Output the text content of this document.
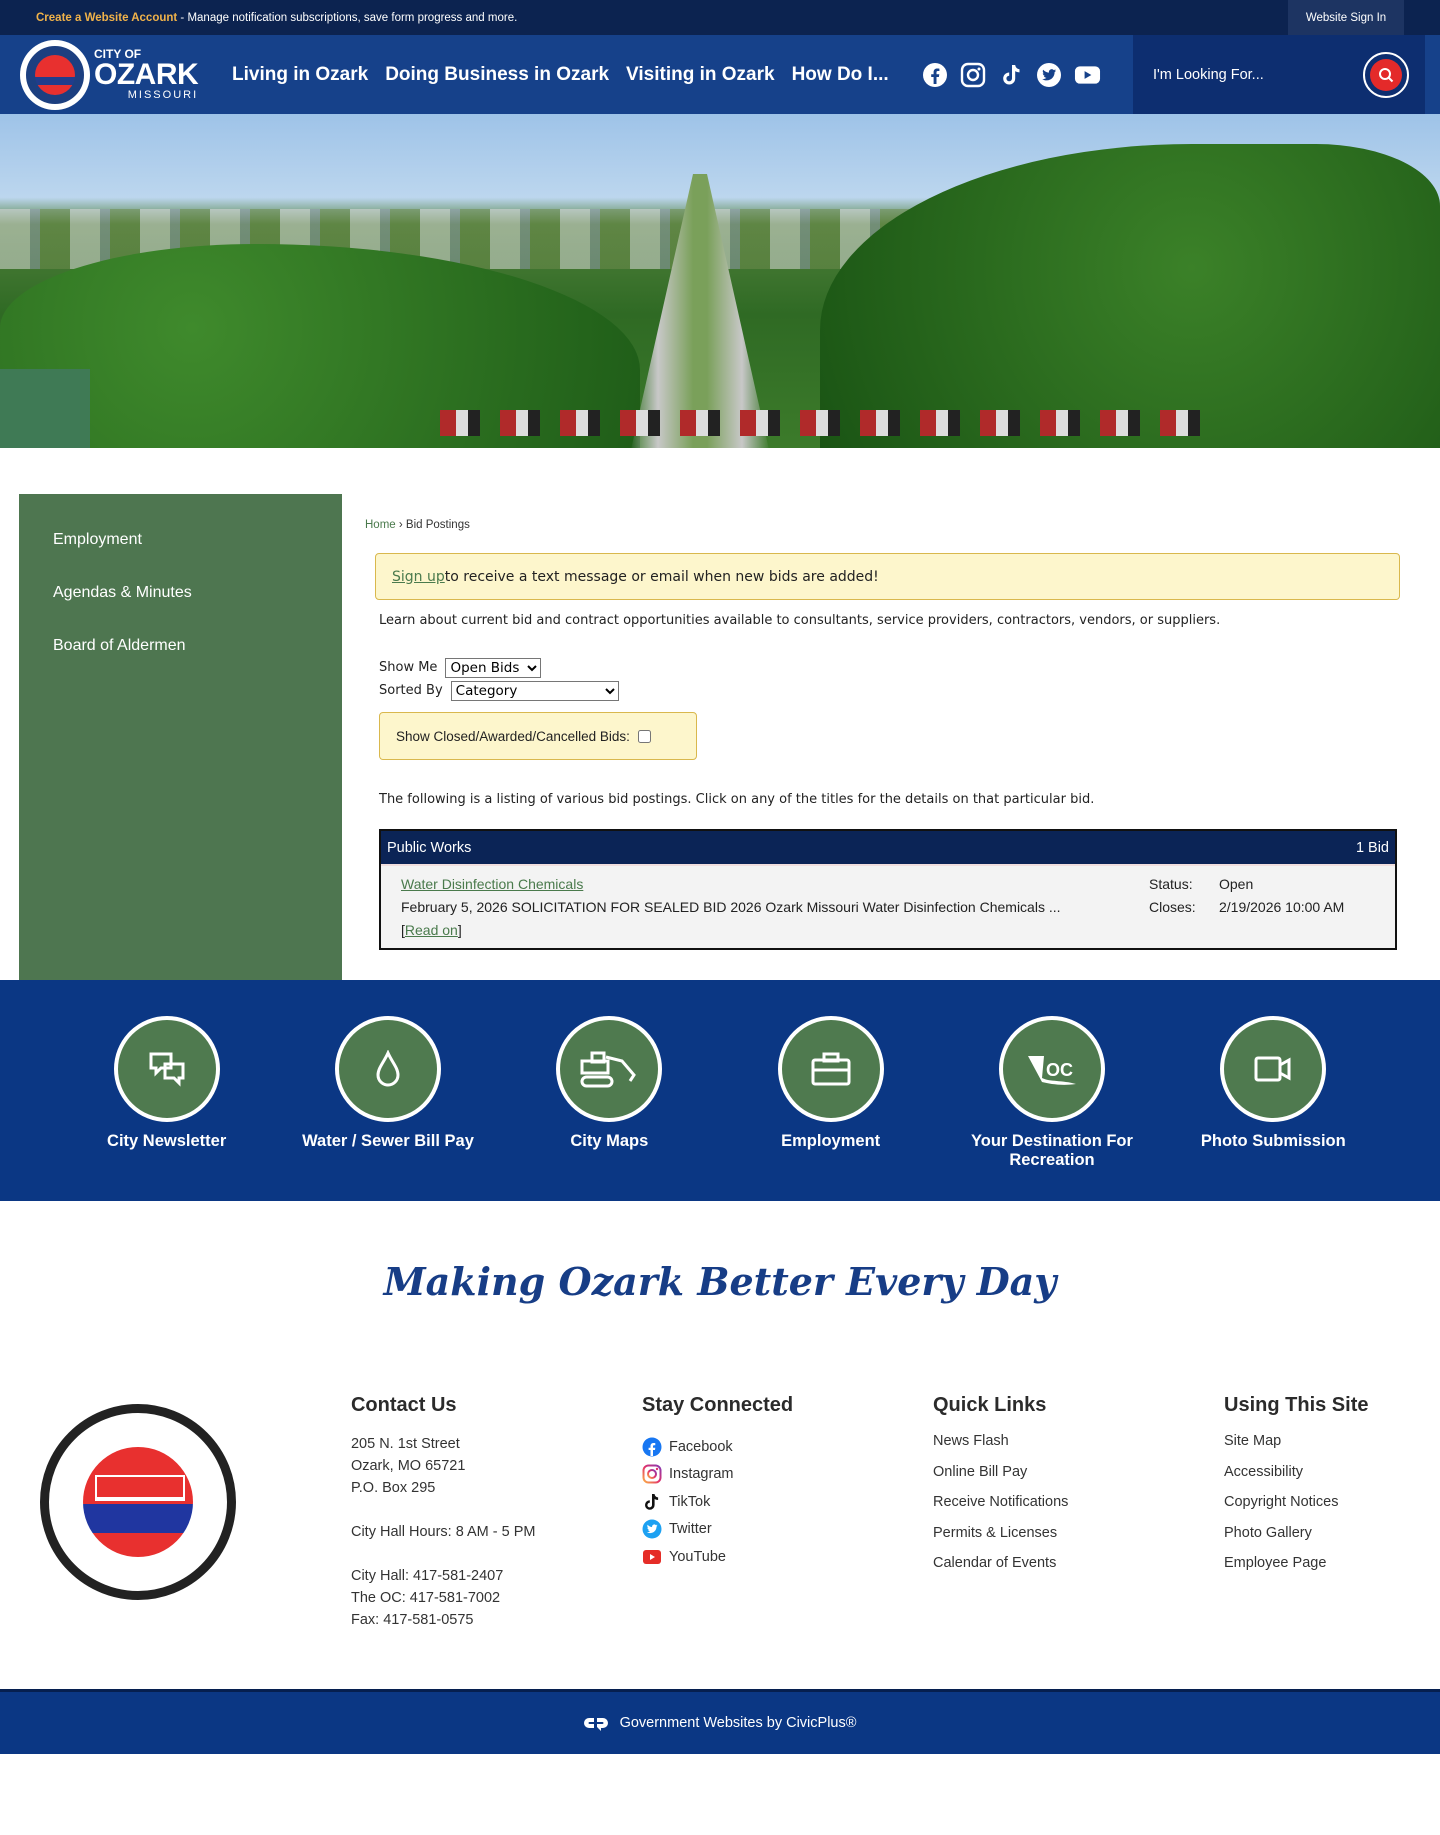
Create a Website Account - Manage notification subscriptions, save form progress and more.	Website Sign In
CITY OF
OZARK
MISSOURI
Living in Ozark Doing Business in Ozark Visiting in Ozark How Do I...
I'm Looking For...
Employment
Agendas & Minutes
Board of Aldermen
Home › Bid Postings
Sign up to receive a text message or email when new bids are added!

Learn about current bid and contract opportunities available to consultants, service providers, contractors, vendors, or suppliers.

Show Me
Open Bids
Sorted By
Category
Show Closed/Awarded/Cancelled Bids:

The following is a listing of various bid postings. Click on any of the titles for the details on that particular bid.

Public Works	1 Bid
Water Disinfection Chemicals
February 5, 2026 SOLICITATION FOR SEALED BID 2026 Ozark Missouri Water Disinfection Chemicals ...
[Read on]
Status:	Open
Closes:	2/19/2026 10:00 AM
City Newsletter	Water / Sewer Bill Pay	City Maps	Employment
OC
Your Destination For Recreation
Photo Submission
Making Ozark Better Every Day
Contact Us

205 N. 1st Street

Ozark, MO 65721

P.O. Box 295

City Hall Hours: 8 AM - 5 PM

City Hall: 417-581-2407

The OC: 417-581-7002

Fax: 417-581-0575

Stay Connected
Facebook
Instagram
TikTok
Twitter
YouTube
Quick Links
News Flash
Online Bill Pay
Receive Notifications
Permits & Licenses
Calendar of Events
Using This Site
Site Map
Accessibility
Copyright Notices
Photo Gallery
Employee Page
Government Websites by CivicPlus®
